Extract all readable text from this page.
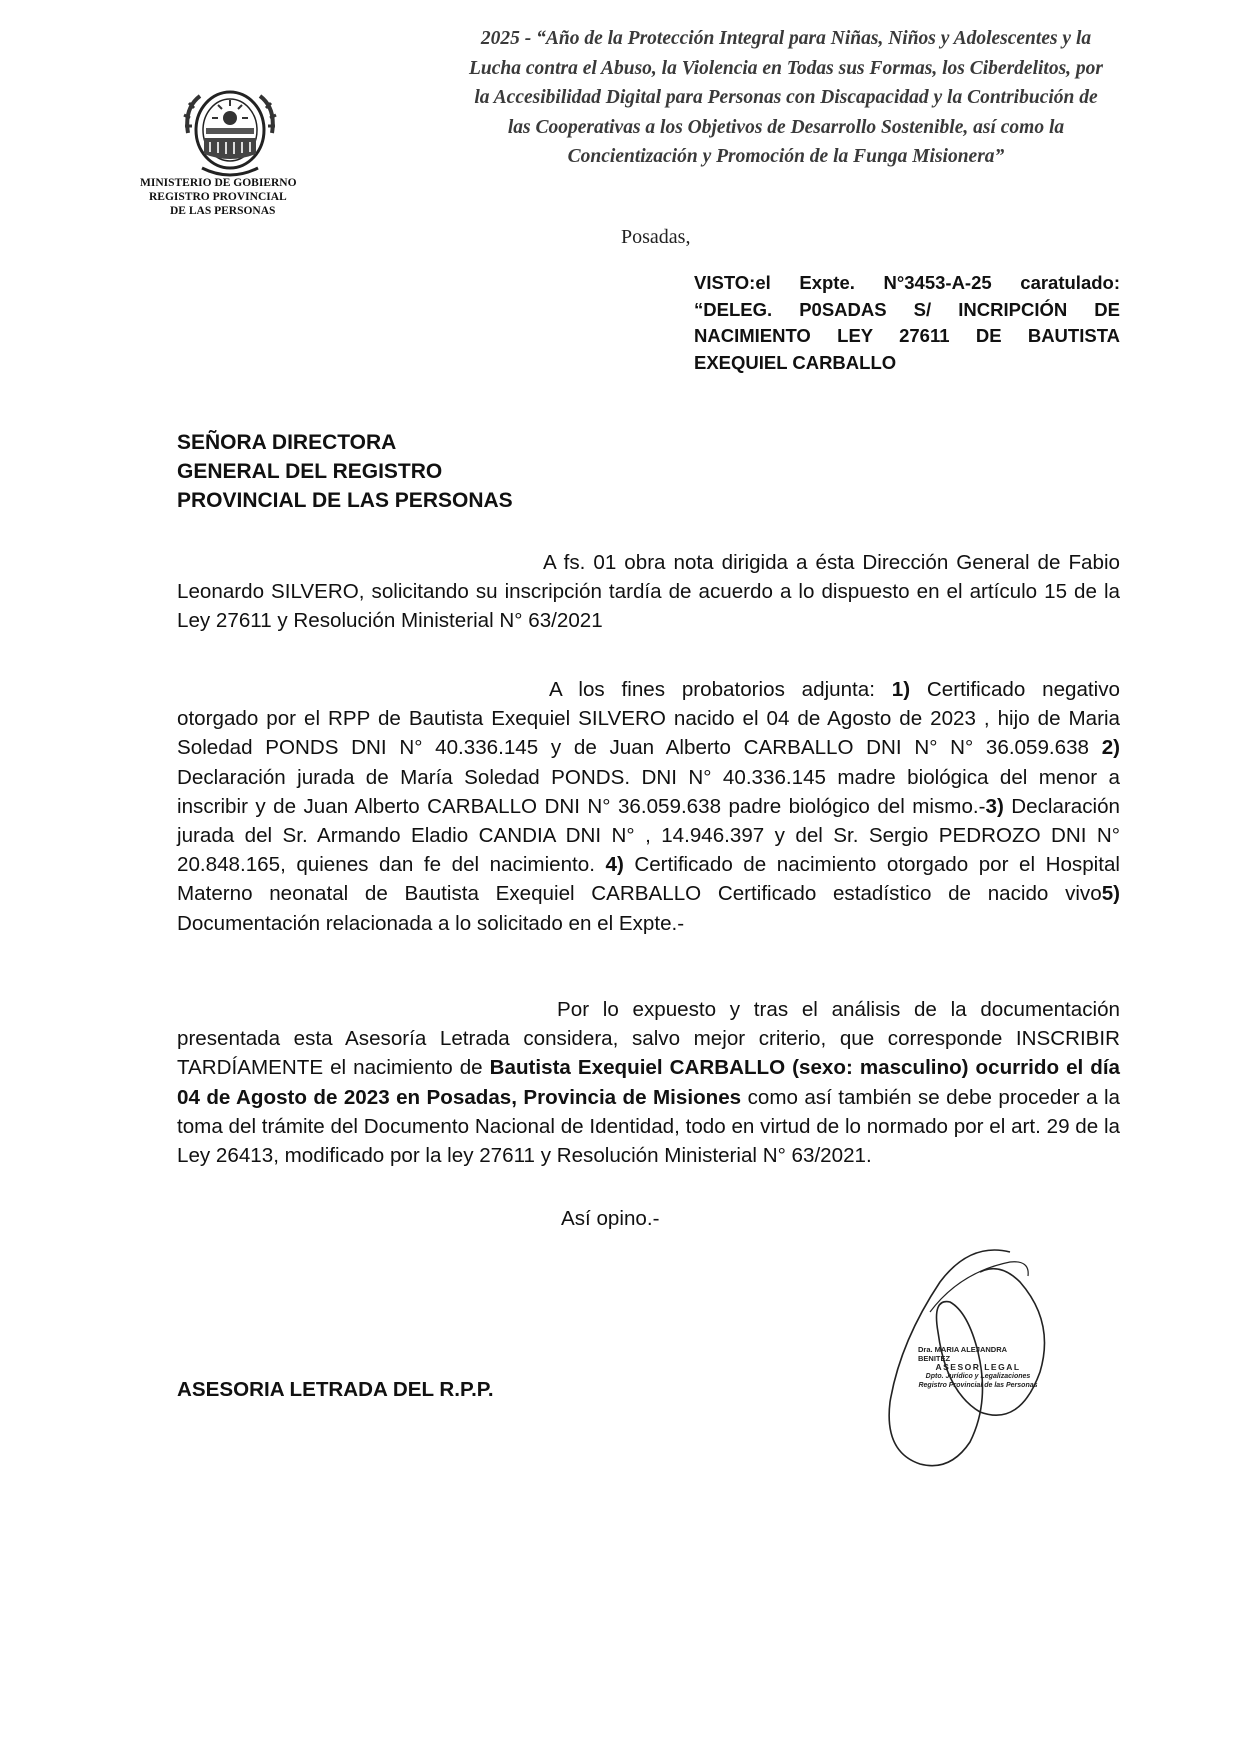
MINISTERIO DE GOBIERNO
REGISTRO PROVINCIAL
DE LAS PERSONAS
2025 - “Año de la Protección Integral para Niñas, Niños y Adolescentes y la
Lucha contra el Abuso, la Violencia en Todas sus Formas, los Ciberdelitos, por
la Accesibilidad Digital para Personas con Discapacidad y la Contribución de
las Cooperativas a los Objetivos de Desarrollo Sostenible, así como la
Concientización y Promoción de la Funga Misionera”
Posadas,
VISTO:el Expte. N°3453-A-25 caratulado:
“DELEG. P0SADAS S/ INCRIPCIÓN DE
NACIMIENTO LEY 27611 DE BAUTISTA
EXEQUIEL CARBALLO
SEÑORA DIRECTORA
GENERAL DEL REGISTRO
PROVINCIAL DE LAS PERSONAS
A fs. 01 obra nota dirigida a ésta Dirección General de Fabio Leonardo SILVERO, solicitando su inscripción tardía de acuerdo a lo dispuesto en el artículo 15 de la Ley 27611 y Resolución Ministerial N° 63/2021
A los fines probatorios adjunta: 1) Certificado negativo otorgado por el RPP de Bautista Exequiel SILVERO nacido el 04 de Agosto de 2023 , hijo de Maria Soledad PONDS DNI N° 40.336.145 y de Juan Alberto CARBALLO DNI N° N° 36.059.638 2) Declaración jurada de María Soledad PONDS. DNI N° 40.336.145 madre biológica del menor a inscribir y de Juan Alberto CARBALLO DNI N° 36.059.638 padre biológico del mismo.-3) Declaración jurada del Sr. Armando Eladio CANDIA DNI N° , 14.946.397 y del Sr. Sergio PEDROZO DNI N° 20.848.165, quienes dan fe del nacimiento. 4) Certificado de nacimiento otorgado por el Hospital Materno neonatal de Bautista Exequiel CARBALLO Certificado estadístico de nacido vivo5) Documentación relacionada a lo solicitado en el Expte.-
Por lo expuesto y tras el análisis de la documentación presentada esta Asesoría Letrada considera, salvo mejor criterio, que corresponde INSCRIBIR TARDÍAMENTE el nacimiento de Bautista Exequiel CARBALLO (sexo: masculino) ocurrido el día 04 de Agosto de 2023 en Posadas, Provincia de Misiones como así también se debe proceder a la toma del trámite del Documento Nacional de Identidad, todo en virtud de lo normado por el art. 29 de la Ley 26413, modificado por la ley 27611 y Resolución Ministerial N° 63/2021.
Así opino.-
Dra. MARIA ALEJANDRA BENITEZ
ASESOR LEGAL
Dpto. Jurídico y Legalizaciones
Registro Provincial de las Personas
ASESORIA LETRADA DEL R.P.P.
